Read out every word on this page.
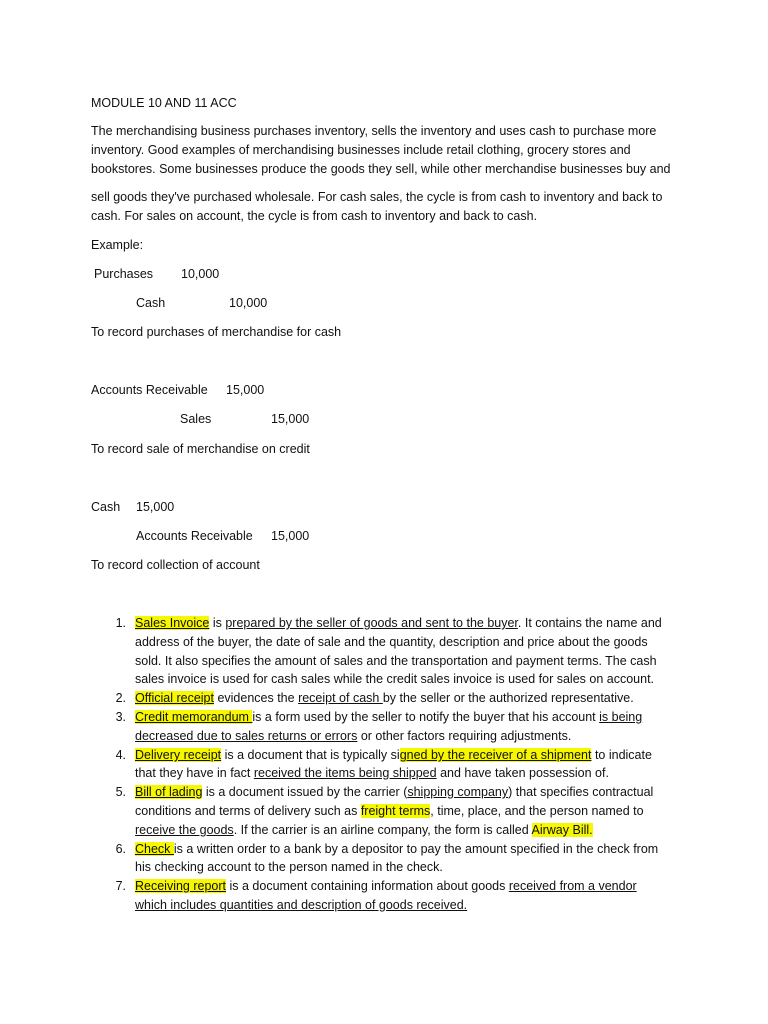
MODULE 10 AND 11 ACC
The merchandising business purchases inventory, sells the inventory and uses cash to purchase more
inventory. Good examples of merchandising businesses include retail clothing, grocery stores and
bookstores. Some businesses produce the goods they sell, while other merchandise businesses buy and
sell goods they've purchased wholesale. For cash sales, the cycle is from cash to inventory and back to
cash. For sales on account, the cycle is from cash to inventory and back to cash.
Example:
Purchases 10,000
Cash	10,000
To record purchases of merchandise for cash
Accounts Receivable 15,000
Sales	15,000
To record sale of merchandise on credit
Cash 15,000
Accounts Receivable 15,000
To record collection of account
1. Sales Invoice is prepared by the seller of goods and sent to the buyer. It contains the name and
address of the buyer, the date of sale and the quantity, description and price about the goods
sold. It also specifies the amount of sales and the transportation and payment terms. The cash
sales invoice is used for cash sales while the credit sales invoice is used for sales on account.
2. Official receipt evidences the receipt of cash by the seller or the authorized representative.
3. Credit memorandum is a form used by the seller to notify the buyer that his account is being
decreased due to sales returns or errors or other factors requiring adjustments.
4. Delivery receipt is a document that is typically signed by the receiver of a shipment to indicate
that they have in fact received the items being shipped and have taken possession of.
5. Bill of lading is a document issued by the carrier (shipping company) that specifies contractual
conditions and terms of delivery such as freight terms, time, place, and the person named to
receive the goods. If the carrier is an airline company, the form is called Airway Bill.
6. Check is a written order to a bank by a depositor to pay the amount specified in the check from
his checking account to the person named in the check.
7. Receiving report is a document containing information about goods received from a vendor
which includes quantities and description of goods received.
